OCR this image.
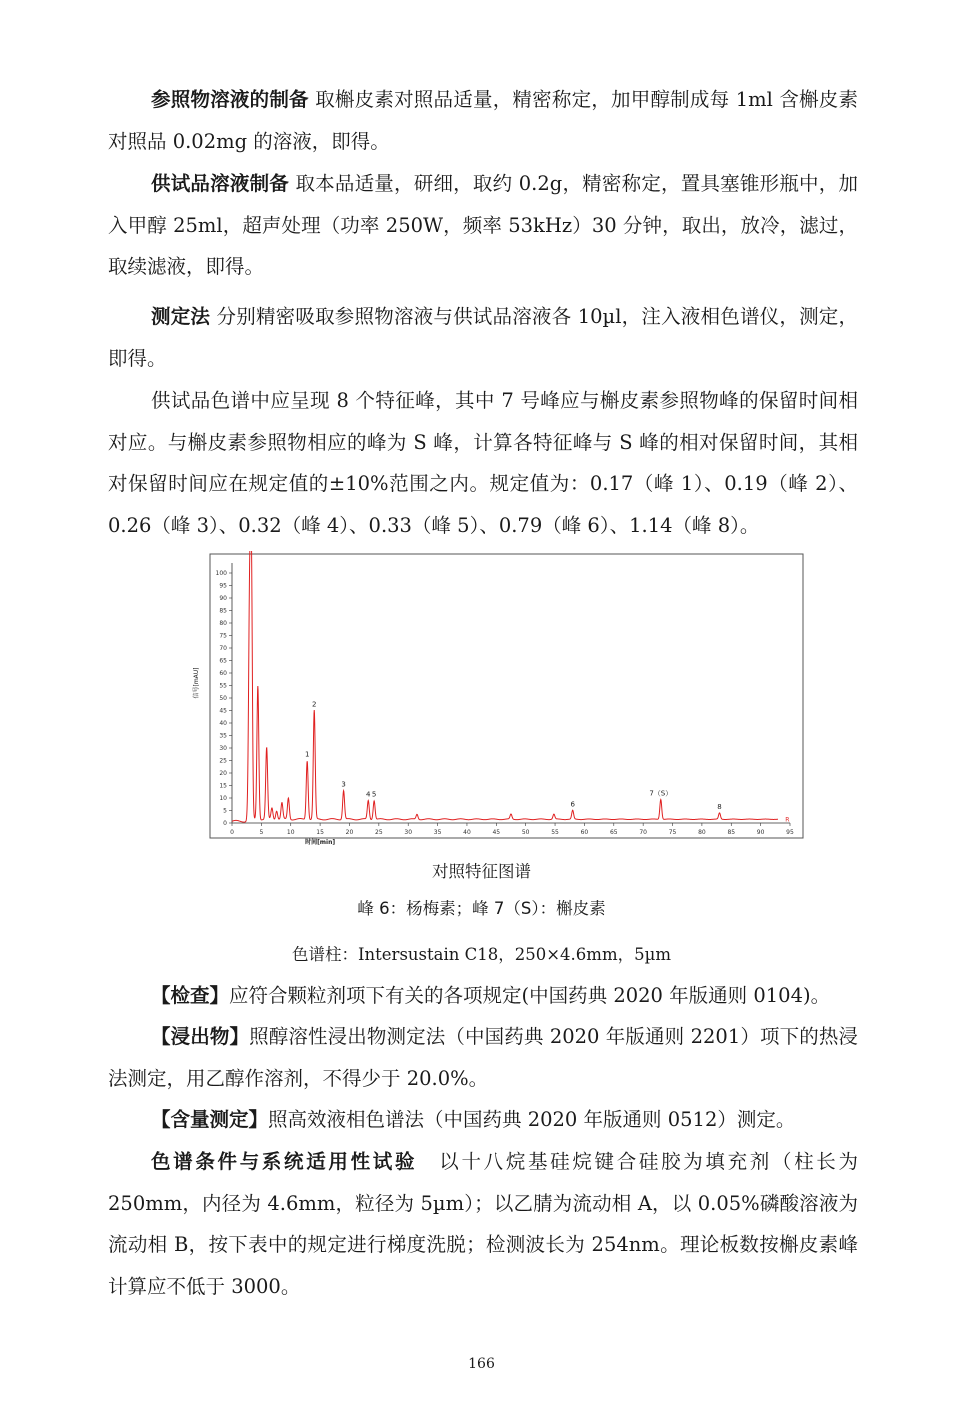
参照物溶液的制备 取槲皮素对照品适量，精密称定，加甲醇制成每 1ml 含槲皮素对照品 0.02mg 的溶液，即得。

供试品溶液制备 取本品适量，研细，取约 0.2g，精密称定，置具塞锥形瓶中，加入甲醇 25ml，超声处理（功率 250W，频率 53kHz）30 分钟，取出，放冷，滤过，取续滤液，即得。

测定法 分别精密吸取参照物溶液与供试品溶液各 10µl，注入液相色谱仪，测定，即得。

供试品色谱中应呈现 8 个特征峰，其中 7 号峰应与槲皮素参照物峰的保留时间相对应。与槲皮素参照物相应的峰为 S 峰，计算各特征峰与 S 峰的相对保留时间，其相对保留时间应在规定值的±10%范围之内。规定值为：0.17（峰 1）、0.19（峰 2）、0.26（峰 3）、0.32（峰 4）、0.33（峰 5）、0.79（峰 6）、1.14（峰 8）。

0
5
10
15
20
25
30
35
40
45
50
55
60
65
70
75
80
85
90
95
100
0	5	10	15	20	25	30	35	40	45	50	55	60	65	70	75	80	85	90	95
时间[min]
信号[mAU]
1
2
3
4 5
6
7（S）
8
R
对照特征图谱
峰 6：杨梅素；峰 7（S）：槲皮素
色谱柱：Intersustain C18，250×4.6mm，5µm

【检查】应符合颗粒剂项下有关的各项规定(中国药典 2020 年版通则 0104)。

【浸出物】照醇溶性浸出物测定法（中国药典 2020 年版通则 2201）项下的热浸法测定，用乙醇作溶剂，不得少于 20.0%。

【含量测定】照高效液相色谱法（中国药典 2020 年版通则 0512）测定。

色谱条件与系统适用性试验　以十八烷基硅烷键合硅胶为填充剂（柱长为 250mm，内径为 4.6mm，粒径为 5µm）；以乙腈为流动相 A，以 0.05%磷酸溶液为流动相 B，按下表中的规定进行梯度洗脱；检测波长为 254nm。理论板数按槲皮素峰计算应不低于 3000。

166
